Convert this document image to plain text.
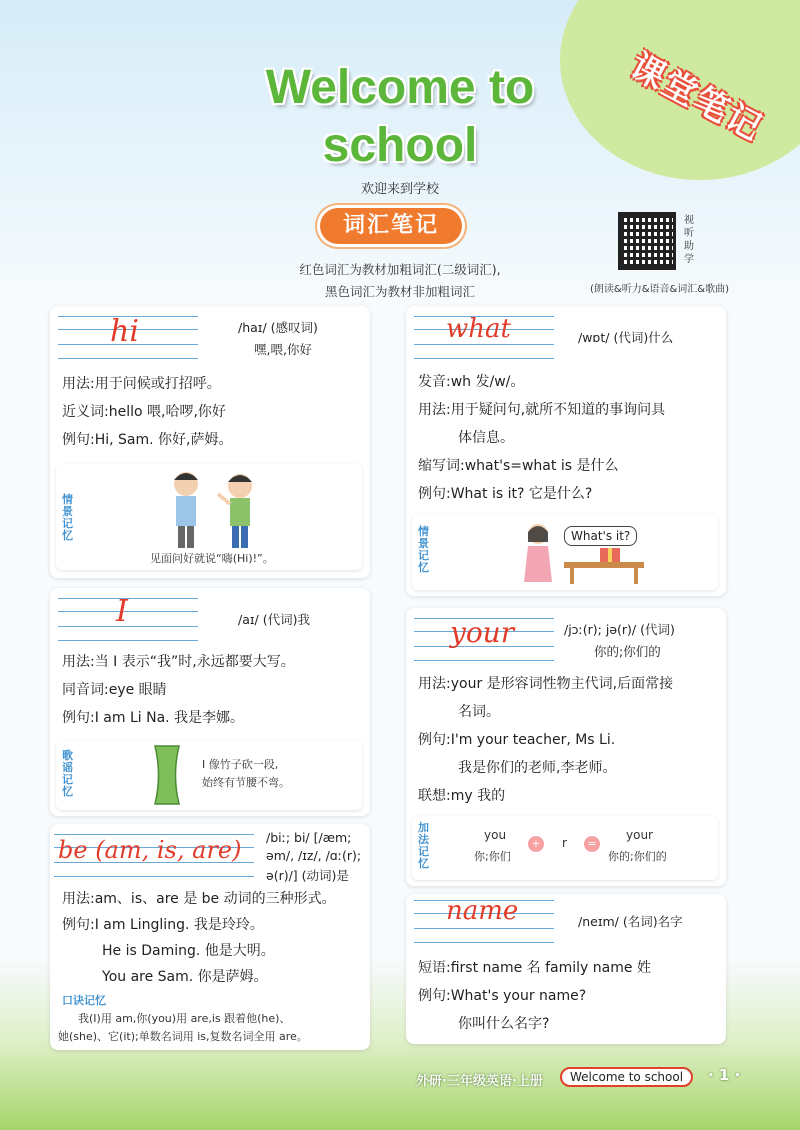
课堂笔记
Welcome to
school
欢迎来到学校
词汇笔记
红色词汇为教材加粗词汇(二级词汇),
黑色词汇为教材非加粗词汇
视听助学
(朗读&听力&语音&词汇&歌曲)
hi	/haɪ/ (感叹词)
嘿,喂,你好
用法:用于问候或打招呼。
近义词:hello 喂,哈啰,你好
例句:Hi, Sam. 你好,萨姆。
情景记忆
见面问好就说“嗨(Hi)!”。
I	/aɪ/ (代词)我
用法:当 I 表示“我”时,永远都要大写。
同音词:eye 眼睛
例句:I am Li Na. 我是李娜。
歌谣记忆
I 像竹子砍一段,
始终有节腰不弯。
be (am, is, are) /biː; bi/ [/æm;
əm/, /ɪz/, /ɑː(r);
ə(r)/] (动词)是
用法:am、is、are 是 be 动词的三种形式。
例句:I am Lingling. 我是玲玲。
He is Daming. 他是大明。
You are Sam. 你是萨姆。
口诀记忆
我(I)用 am,你(you)用 are,is 跟着他(he)、
她(she)、它(it);单数名词用 is,复数名词全用 are。
what	/wɒt/ (代词)什么
发音:wh 发/w/。
用法:用于疑问句,就所不知道的事询问具
体信息。
缩写词:what's=what is 是什么
例句:What is it? 它是什么?
情景记忆
What's it?
your	/jɔː(r); jə(r)/ (代词)
你的;你们的
用法:your 是形容词性物主代词,后面常接
名词。
例句:I'm your teacher, Ms Li.
我是你们的老师,李老师。
联想:my 我的
加法记忆
you
你;你们
+ r	=
your
你的;你们的
name	/neɪm/ (名词)名字
短语:first name 名 family name 姓
例句:What's your name?
你叫什么名字?
外研·三年级英语·上册	Welcome to school	· 1 ·
